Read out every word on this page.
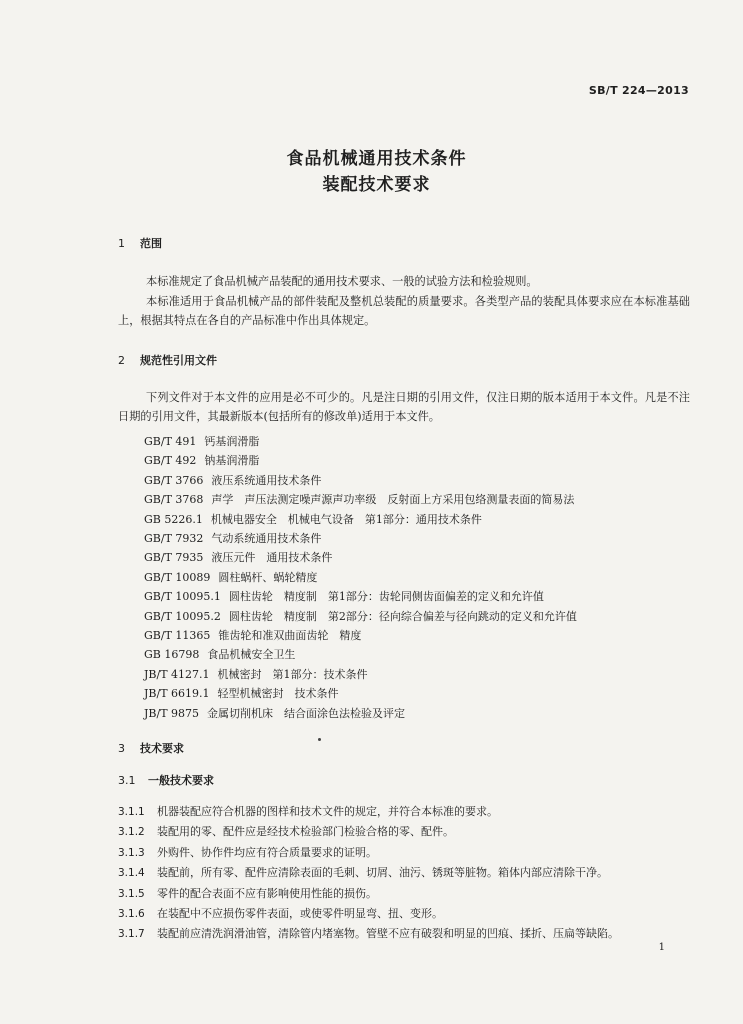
SB/T 224—2013
食品机械通用技术条件
装配技术要求
1 范围
本标准规定了食品机械产品装配的通用技术要求、一般的试验方法和检验规则。
本标准适用于食品机械产品的部件装配及整机总装配的质量要求。各类型产品的装配具体要求应在本标准基础上，根据其特点在各自的产品标准中作出具体规定。
2 规范性引用文件
下列文件对于本文件的应用是必不可少的。凡是注日期的引用文件，仅注日期的版本适用于本文件。凡是不注日期的引用文件，其最新版本(包括所有的修改单)适用于本文件。
GB/T 491 钙基润滑脂
GB/T 492 钠基润滑脂
GB/T 3766 液压系统通用技术条件
GB/T 3768 声学　声压法测定噪声源声功率级　反射面上方采用包络测量表面的简易法
GB 5226.1 机械电器安全　机械电气设备　第1部分：通用技术条件
GB/T 7932 气动系统通用技术条件
GB/T 7935 液压元件　通用技术条件
GB/T 10089 圆柱蜗杆、蜗轮精度
GB/T 10095.1 圆柱齿轮　精度制　第1部分：齿轮同侧齿面偏差的定义和允许值
GB/T 10095.2 圆柱齿轮　精度制　第2部分：径向综合偏差与径向跳动的定义和允许值
GB/T 11365 锥齿轮和准双曲面齿轮　精度
GB 16798 食品机械安全卫生
JB/T 4127.1 机械密封　第1部分：技术条件
JB/T 6619.1 轻型机械密封　技术条件
JB/T 9875 金属切削机床　结合面涂色法检验及评定
3 技术要求
3.1 一般技术要求
3.1.1 机器装配应符合机器的图样和技术文件的规定，并符合本标准的要求。
3.1.2 装配用的零、配件应是经技术检验部门检验合格的零、配件。
3.1.3 外购件、协作件均应有符合质量要求的证明。
3.1.4 装配前，所有零、配件应清除表面的毛刺、切屑、油污、锈斑等脏物。箱体内部应清除干净。
3.1.5 零件的配合表面不应有影响使用性能的损伤。
3.1.6 在装配中不应损伤零件表面，或使零件明显弯、扭、变形。
3.1.7 装配前应清洗润滑油管，清除管内堵塞物。管壁不应有破裂和明显的凹痕、揉折、压扁等缺陷。
1
